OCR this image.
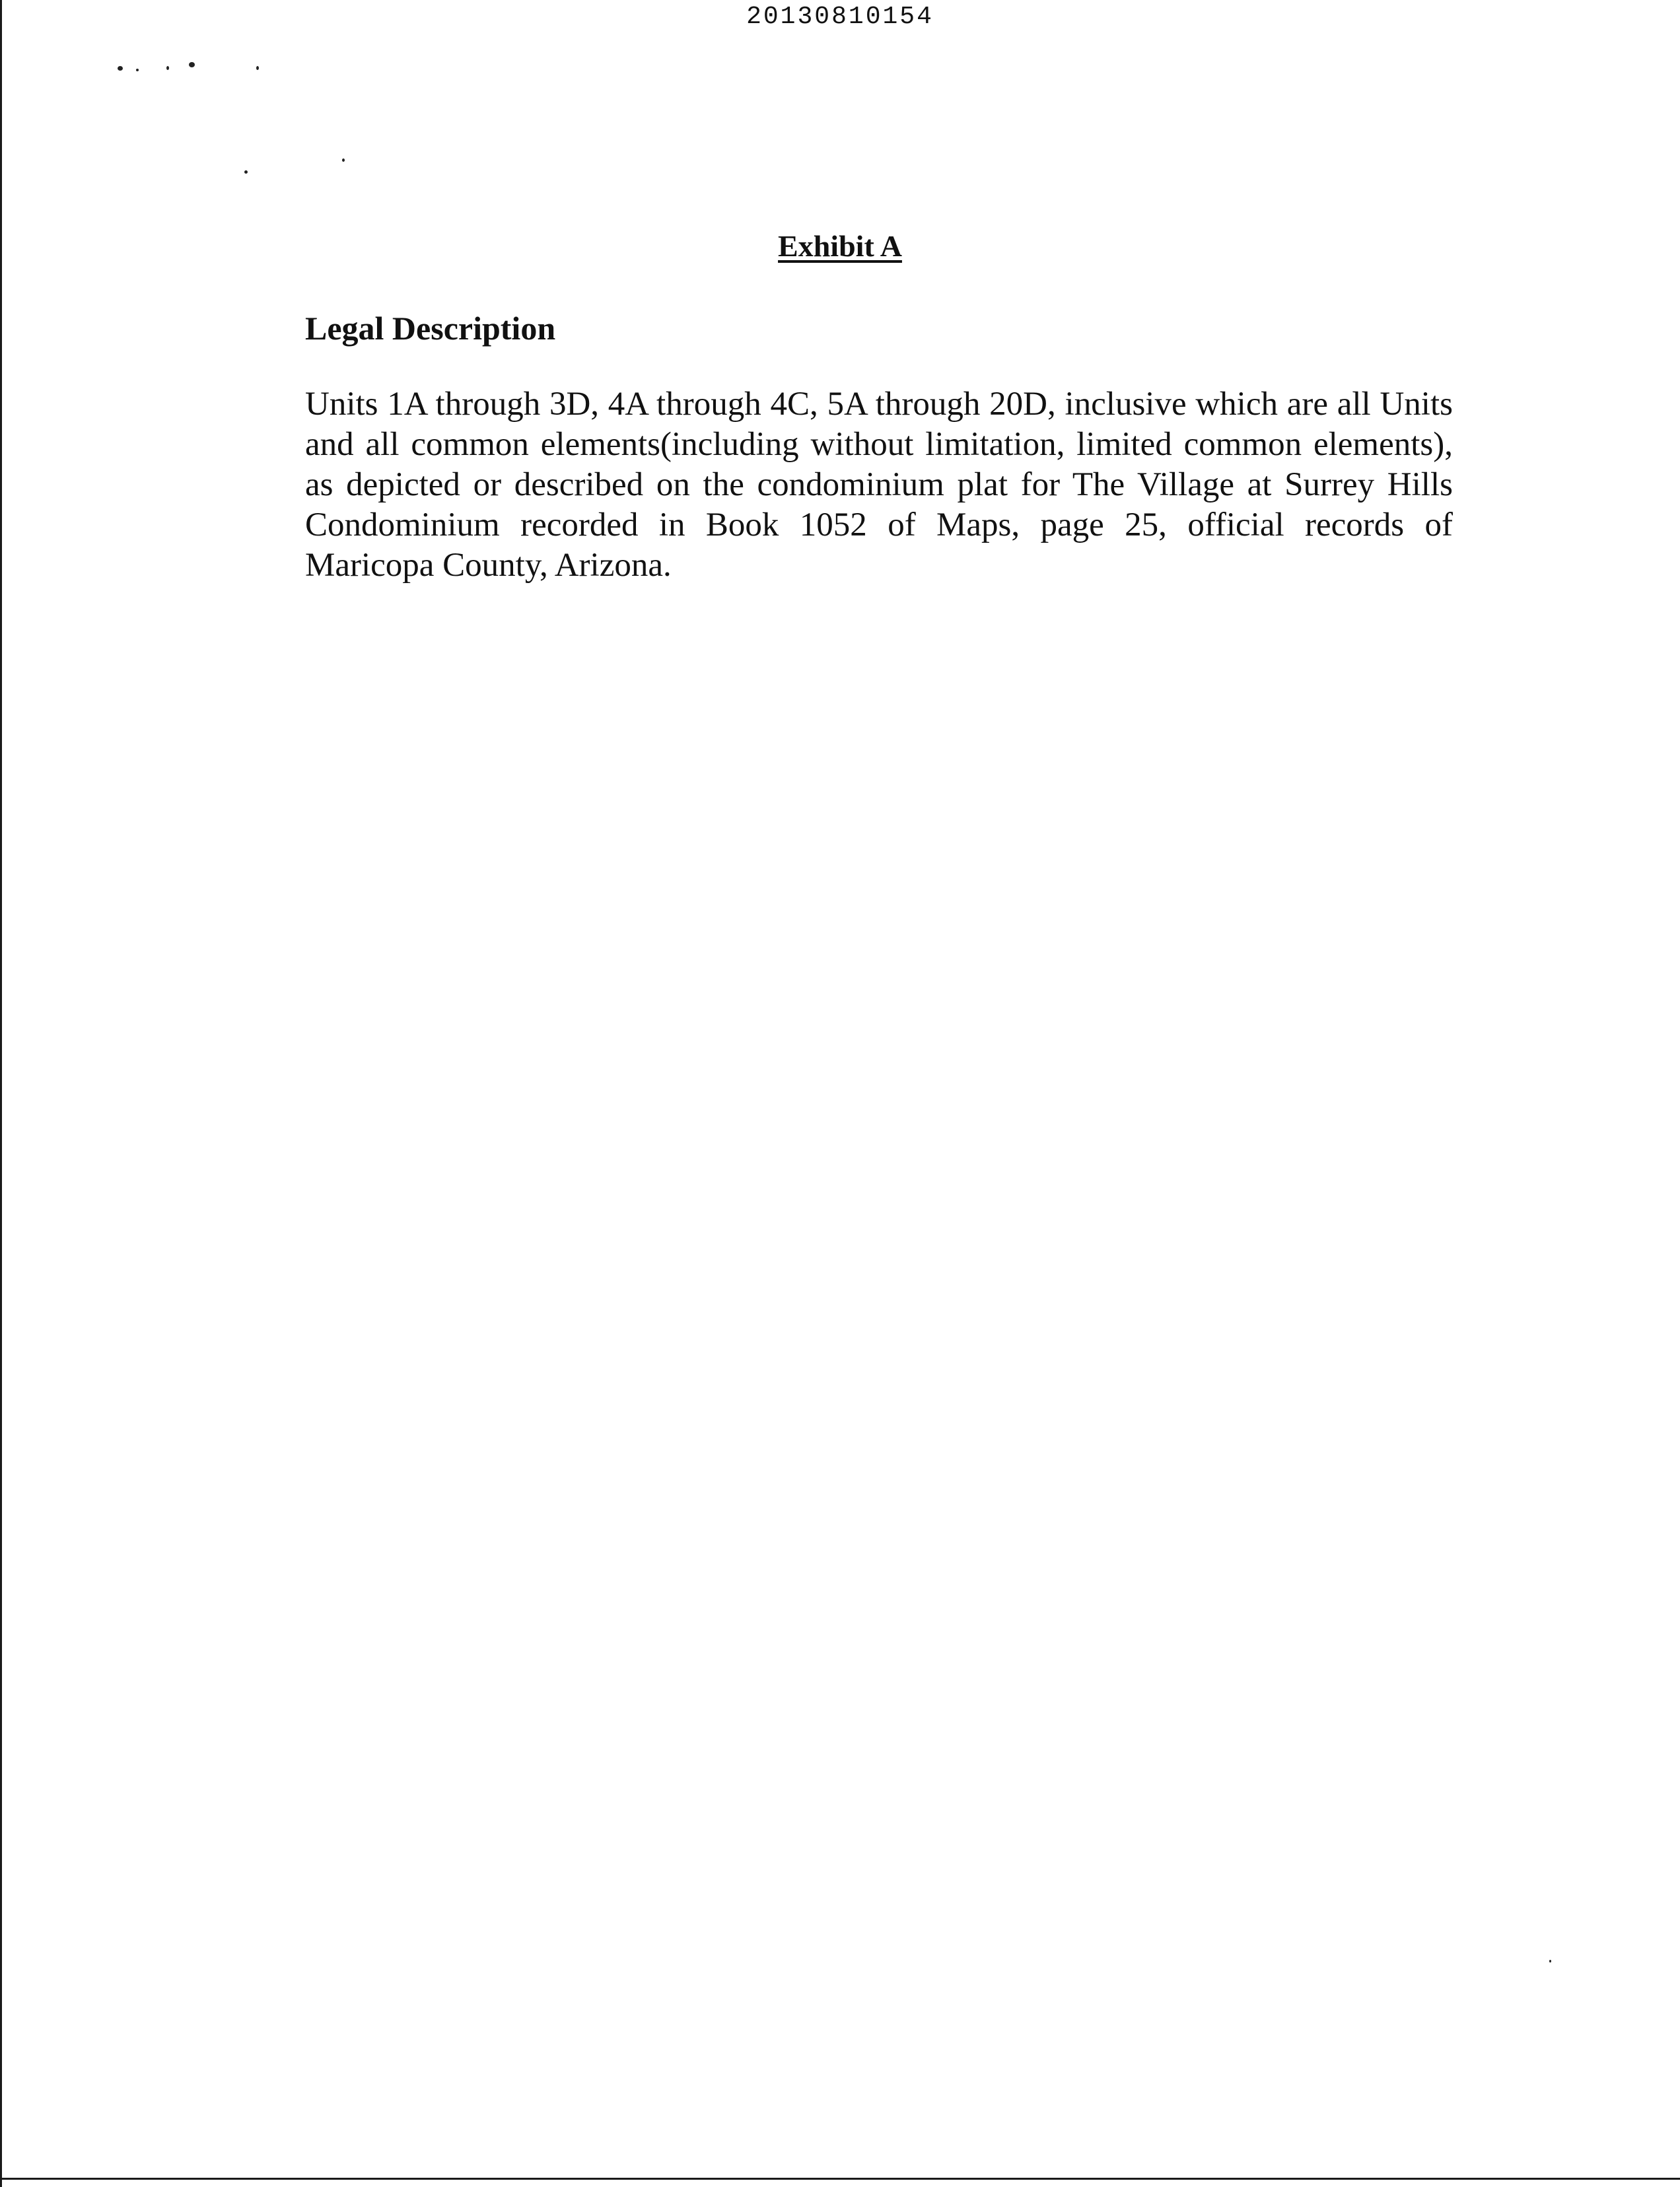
20130810154
Exhibit A
Legal Description

Units 1A through 3D, 4A through 4C, 5A through 20D, inclusive which are all Units and all common elements(including without limitation, limited common elements), as depicted or described on the condominium plat for The Village at Surrey Hills Condominium recorded in Book 1052 of Maps, page 25, official records of Maricopa County, Arizona.
